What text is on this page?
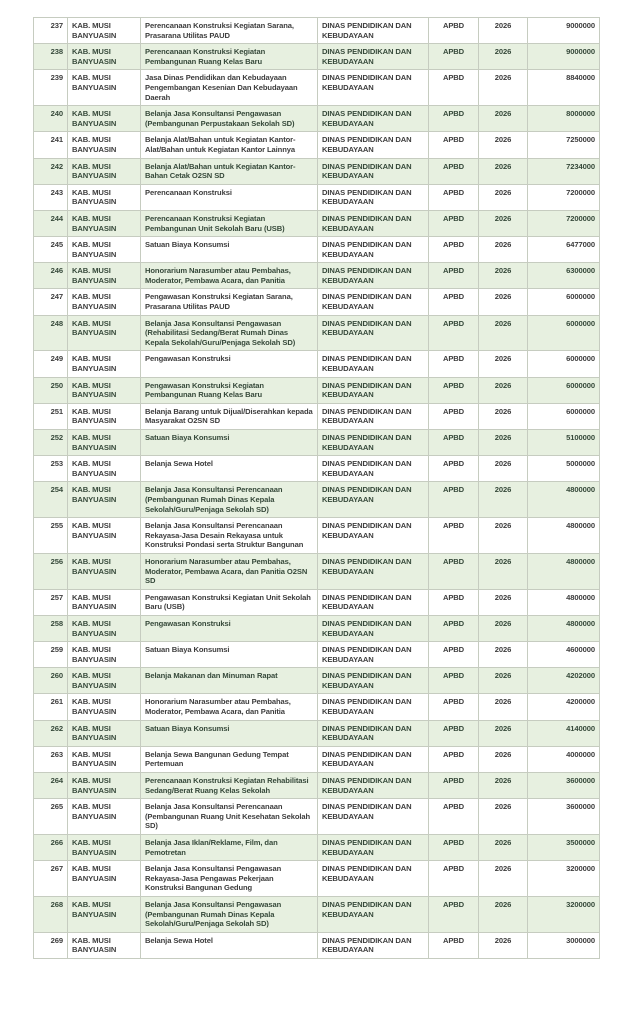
237	KAB. MUSI BANYUASIN	Perencanaan Konstruksi Kegiatan Sarana, Prasarana Utilitas PAUD	DINAS PENDIDIKAN DAN KEBUDAYAAN	APBD	2026	9000000
238	KAB. MUSI BANYUASIN	Perencanaan Konstruksi Kegiatan Pembangunan Ruang Kelas Baru	DINAS PENDIDIKAN DAN KEBUDAYAAN	APBD	2026	9000000
239	KAB. MUSI BANYUASIN	Jasa Dinas Pendidikan dan Kebudayaan Pengembangan Kesenian Dan Kebudayaan Daerah	DINAS PENDIDIKAN DAN KEBUDAYAAN	APBD	2026	8840000
240	KAB. MUSI BANYUASIN	Belanja Jasa Konsultansi Pengawasan (Pembangunan Perpustakaan Sekolah SD)	DINAS PENDIDIKAN DAN KEBUDAYAAN	APBD	2026	8000000
241	KAB. MUSI BANYUASIN	Belanja Alat/Bahan untuk Kegiatan Kantor-Alat/Bahan untuk Kegiatan Kantor Lainnya	DINAS PENDIDIKAN DAN KEBUDAYAAN	APBD	2026	7250000
242	KAB. MUSI BANYUASIN	Belanja Alat/Bahan untuk Kegiatan Kantor- Bahan Cetak O2SN SD	DINAS PENDIDIKAN DAN KEBUDAYAAN	APBD	2026	7234000
243	KAB. MUSI BANYUASIN	Perencanaan Konstruksi	DINAS PENDIDIKAN DAN KEBUDAYAAN	APBD	2026	7200000
244	KAB. MUSI BANYUASIN	Perencanaan Konstruksi Kegiatan Pembangunan Unit Sekolah Baru (USB)	DINAS PENDIDIKAN DAN KEBUDAYAAN	APBD	2026	7200000
245	KAB. MUSI BANYUASIN	Satuan Biaya Konsumsi	DINAS PENDIDIKAN DAN KEBUDAYAAN	APBD	2026	6477000
246	KAB. MUSI BANYUASIN	Honorarium Narasumber atau Pembahas, Moderator, Pembawa Acara, dan Panitia	DINAS PENDIDIKAN DAN KEBUDAYAAN	APBD	2026	6300000
247	KAB. MUSI BANYUASIN	Pengawasan Konstruksi Kegiatan Sarana, Prasarana Utilitas PAUD	DINAS PENDIDIKAN DAN KEBUDAYAAN	APBD	2026	6000000
248	KAB. MUSI BANYUASIN	Belanja Jasa Konsultansi Pengawasan (Rehabilitasi Sedang/Berat Rumah Dinas Kepala Sekolah/Guru/Penjaga Sekolah SD)	DINAS PENDIDIKAN DAN KEBUDAYAAN	APBD	2026	6000000
249	KAB. MUSI BANYUASIN	Pengawasan Konstruksi	DINAS PENDIDIKAN DAN KEBUDAYAAN	APBD	2026	6000000
250	KAB. MUSI BANYUASIN	Pengawasan Konstruksi Kegiatan Pembangunan Ruang Kelas Baru	DINAS PENDIDIKAN DAN KEBUDAYAAN	APBD	2026	6000000
251	KAB. MUSI BANYUASIN	Belanja Barang untuk Dijual/Diserahkan kepada Masyarakat O2SN SD	DINAS PENDIDIKAN DAN KEBUDAYAAN	APBD	2026	6000000
252	KAB. MUSI BANYUASIN	Satuan Biaya Konsumsi	DINAS PENDIDIKAN DAN KEBUDAYAAN	APBD	2026	5100000
253	KAB. MUSI BANYUASIN	Belanja Sewa Hotel	DINAS PENDIDIKAN DAN KEBUDAYAAN	APBD	2026	5000000
254	KAB. MUSI BANYUASIN	Belanja Jasa Konsultansi Perencanaan (Pembangunan Rumah Dinas Kepala Sekolah/Guru/Penjaga Sekolah SD)	DINAS PENDIDIKAN DAN KEBUDAYAAN	APBD	2026	4800000
255	KAB. MUSI BANYUASIN	Belanja Jasa Konsultansi Perencanaan Rekayasa-Jasa Desain Rekayasa untuk Konstruksi Pondasi serta Struktur Bangunan	DINAS PENDIDIKAN DAN KEBUDAYAAN	APBD	2026	4800000
256	KAB. MUSI BANYUASIN	Honorarium Narasumber atau Pembahas, Moderator, Pembawa Acara, dan Panitia O2SN SD	DINAS PENDIDIKAN DAN KEBUDAYAAN	APBD	2026	4800000
257	KAB. MUSI BANYUASIN	Pengawasan Konstruksi Kegiatan Unit Sekolah Baru (USB)	DINAS PENDIDIKAN DAN KEBUDAYAAN	APBD	2026	4800000
258	KAB. MUSI BANYUASIN	Pengawasan Konstruksi	DINAS PENDIDIKAN DAN KEBUDAYAAN	APBD	2026	4800000
259	KAB. MUSI BANYUASIN	Satuan Biaya Konsumsi	DINAS PENDIDIKAN DAN KEBUDAYAAN	APBD	2026	4600000
260	KAB. MUSI BANYUASIN	Belanja Makanan dan Minuman Rapat	DINAS PENDIDIKAN DAN KEBUDAYAAN	APBD	2026	4202000
261	KAB. MUSI BANYUASIN	Honorarium Narasumber atau Pembahas, Moderator, Pembawa Acara, dan Panitia	DINAS PENDIDIKAN DAN KEBUDAYAAN	APBD	2026	4200000
262	KAB. MUSI BANYUASIN	Satuan Biaya Konsumsi	DINAS PENDIDIKAN DAN KEBUDAYAAN	APBD	2026	4140000
263	KAB. MUSI BANYUASIN	Belanja Sewa Bangunan Gedung Tempat Pertemuan	DINAS PENDIDIKAN DAN KEBUDAYAAN	APBD	2026	4000000
264	KAB. MUSI BANYUASIN	Perencanaan Konstruksi Kegiatan Rehabilitasi Sedang/Berat Ruang Kelas Sekolah	DINAS PENDIDIKAN DAN KEBUDAYAAN	APBD	2026	3600000
265	KAB. MUSI BANYUASIN	Belanja Jasa Konsultansi Perencanaan (Pembangunan Ruang Unit Kesehatan Sekolah SD)	DINAS PENDIDIKAN DAN KEBUDAYAAN	APBD	2026	3600000
266	KAB. MUSI BANYUASIN	Belanja Jasa Iklan/Reklame, Film, dan Pemotretan	DINAS PENDIDIKAN DAN KEBUDAYAAN	APBD	2026	3500000
267	KAB. MUSI BANYUASIN	Belanja Jasa Konsultansi Pengawasan Rekayasa-Jasa Pengawas Pekerjaan Konstruksi Bangunan Gedung	DINAS PENDIDIKAN DAN KEBUDAYAAN	APBD	2026	3200000
268	KAB. MUSI BANYUASIN	Belanja Jasa Konsultansi Pengawasan (Pembangunan Rumah Dinas Kepala Sekolah/Guru/Penjaga Sekolah SD)	DINAS PENDIDIKAN DAN KEBUDAYAAN	APBD	2026	3200000
269	KAB. MUSI BANYUASIN	Belanja Sewa Hotel	DINAS PENDIDIKAN DAN KEBUDAYAAN	APBD	2026	3000000
